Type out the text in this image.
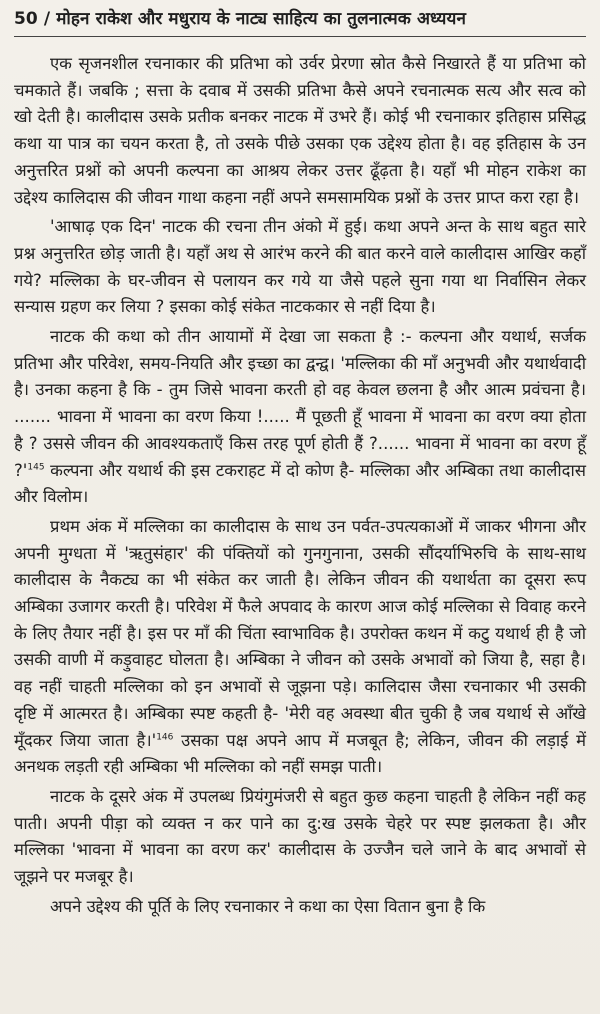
50 / मोहन राकेश और मधुराय के नाट्य साहित्य का तुलनात्मक अध्ययन

एक सृजनशील रचनाकार की प्रतिभा को उर्वर प्रेरणा स्रोत कैसे निखारते हैं या प्रतिभा को चमकाते हैं। जबकि ; सत्ता के दवाब में उसकी प्रतिभा कैसे अपने रचनात्मक सत्य और सत्व को खो देती है। कालीदास उसके प्रतीक बनकर नाटक में उभरे हैं। कोई भी रचनाकार इतिहास प्रसिद्ध कथा या पात्र का चयन करता है, तो उसके पीछे उसका एक उद्देश्य होता है। वह इतिहास के उन अनुत्तरित प्रश्नों को अपनी कल्पना का आश्रय लेकर उत्तर ढूँढ़ता है। यहाँ भी मोहन राकेश का उद्देश्य कालिदास की जीवन गाथा कहना नहीं अपने समसामयिक प्रश्नों के उत्तर प्राप्त करा रहा है।

'आषाढ़ एक दिन' नाटक की रचना तीन अंको में हुई। कथा अपने अन्त के साथ बहुत सारे प्रश्न अनुत्तरित छोड़ जाती है। यहाँ अथ से आरंभ करने की बात करने वाले कालीदास आखिर कहाँ गये? मल्लिका के घर-जीवन से पलायन कर गये या जैसे पहले सुना गया था निर्वासिन लेकर सन्यास ग्रहण कर लिया ? इसका कोई संकेत नाटककार से नहीं दिया है।

नाटक की कथा को तीन आयामों में देखा जा सकता है :- कल्पना और यथार्थ, सर्जक प्रतिभा और परिवेश, समय-नियति और इच्छा का द्वन्द्व। 'मल्लिका की माँ अनुभवी और यथार्थवादी है। उनका कहना है कि - तुम जिसे भावना करती हो वह केवल छलना है और आत्म प्रवंचना है। ....... भावना में भावना का वरण किया !..... मैं पूछती हूँ भावना में भावना का वरण क्या होता है ? उससे जीवन की आवश्यकताएँ किस तरह पूर्ण होती हैं ?...... भावना में भावना का वरण हूँ $?'^{145}$ कल्पना और यथार्थ की इस टकराहट में दो कोण है- मल्लिका और अम्बिका तथा कालीदास और विलोम।

प्रथम अंक में मल्लिका का कालीदास के साथ उन पर्वत-उपत्यकाओं में जाकर भीगना और अपनी मुग्धता में 'ऋतुसंहार' की पंक्तियों को गुनगुनाना, उसकी सौंदर्याभिरुचि के साथ-साथ कालीदास के नैकट्य का भी संकेत कर जाती है। लेकिन जीवन की यथार्थता का दूसरा रूप अम्बिका उजागर करती है। परिवेश में फैले अपवाद के कारण आज कोई मल्लिका से विवाह करने के लिए तैयार नहीं है। इस पर माँ की चिंता स्वाभाविक है। उपरोक्त कथन में कटु यथार्थ ही है जो उसकी वाणी में कड़ुवाहट घोलता है। अम्बिका ने जीवन को उसके अभावों को जिया है, सहा है। वह नहीं चाहती मल्लिका को इन अभावों से जूझना पड़े। कालिदास जैसा रचनाकार भी उसकी दृष्टि में आत्मरत है। अम्बिका स्पष्ट कहती है- 'मेरी वह अवस्था बीत चुकी है जब यथार्थ से आँखे मूँदकर जिया जाता $है।'^{146}$ उसका पक्ष अपने आप में मजबूत है; लेकिन, जीवन की लड़ाई में अनथक लड़ती रही अम्बिका भी मल्लिका को नहीं समझ पाती।

नाटक के दूसरे अंक में उपलब्ध प्रियंगुमंजरी से बहुत कुछ कहना चाहती है लेकिन नहीं कह पाती। अपनी पीड़ा को व्यक्त न कर पाने का दु:ख उसके चेहरे पर स्पष्ट झलकता है। और मल्लिका 'भावना में भावना का वरण कर' कालीदास के उज्जैन चले जाने के बाद अभावों से जूझने पर मजबूर है।

अपने उद्देश्य की पूर्ति के लिए रचनाकार ने कथा का ऐसा वितान बुना है कि
